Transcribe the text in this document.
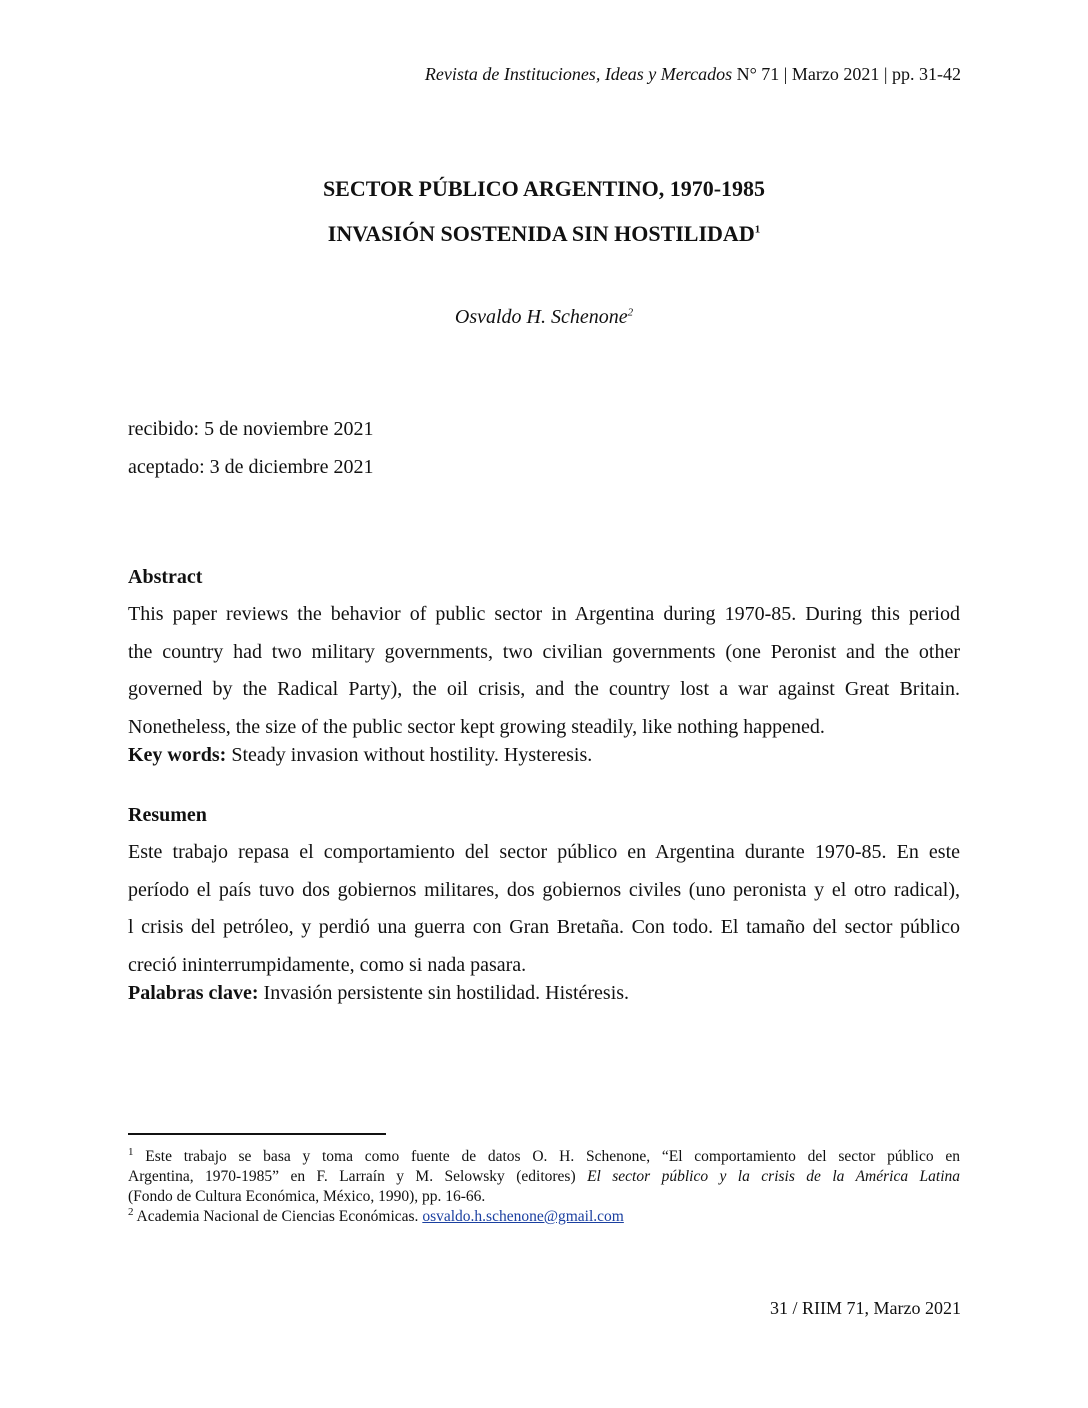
Revista de Instituciones, Ideas y Mercados N° 71 | Marzo 2021 | pp. 31-42
SECTOR PÚBLICO ARGENTINO, 1970-1985
INVASIÓN SOSTENIDA SIN HOSTILIDAD$^1$
Osvaldo H. Schenone$^2$
recibido: 5 de noviembre 2021
aceptado: 3 de diciembre 2021
Abstract
This paper reviews the behavior of public sector in Argentina during 1970-85. During this period
the country had two military governments, two civilian governments (one Peronist and the other
governed by the Radical Party), the oil crisis, and the country lost a war against Great Britain.
Nonetheless, the size of the public sector kept growing steadily, like nothing happened.
Key words: Steady invasion without hostility. Hysteresis.
Resumen
Este trabajo repasa el comportamiento del sector público en Argentina durante 1970-85. En este
período el país tuvo dos gobiernos militares, dos gobiernos civiles (uno peronista y el otro radical),
l crisis del petróleo, y perdió una guerra con Gran Bretaña. Con todo. El tamaño del sector público
creció ininterrumpidamente, como si nada pasara.
Palabras clave: Invasión persistente sin hostilidad. Histéresis.
$^1$ Este trabajo se basa y toma como fuente de datos O. H. Schenone, “El comportamiento del sector público en
Argentina, 1970-1985” en F. Larraín y M. Selowsky (editores) El sector público y la crisis de la América Latina
(Fondo de Cultura Económica, México, 1990), pp. 16-66.
$^2$ Academia Nacional de Ciencias Económicas. osvaldo.h.schenone@gmail.com
31 / RIIM 71, Marzo 2021
